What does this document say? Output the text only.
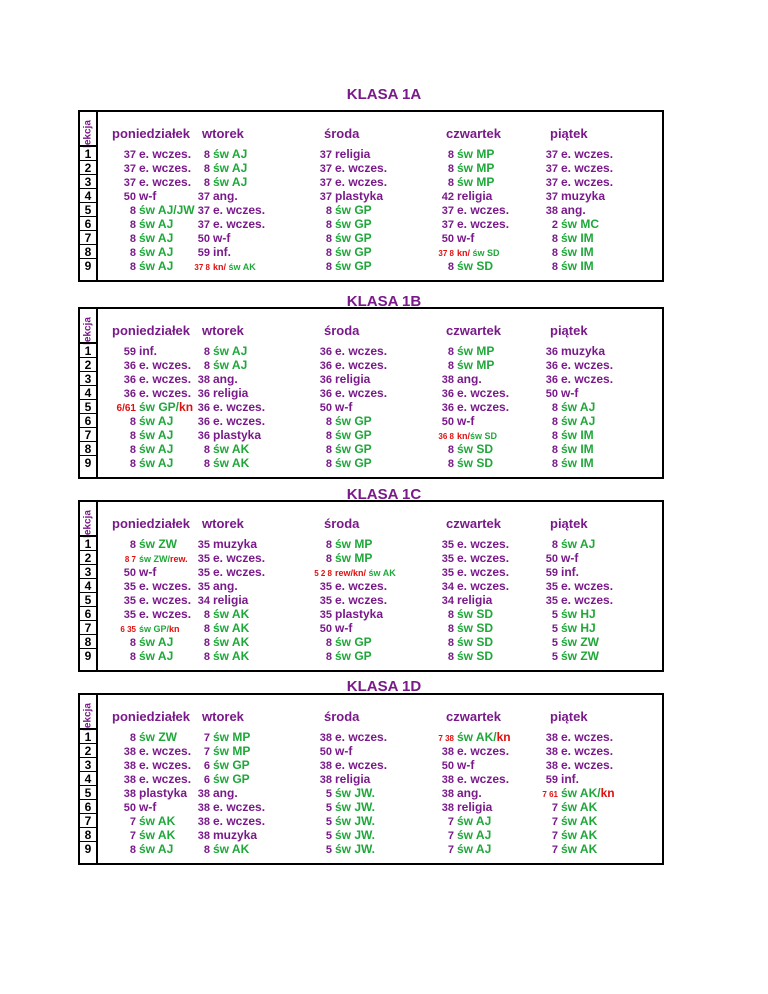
KLASA 1A
lekcja
1
2
3
4
5
6
7
8
9
poniedziałek
37 e. wczes.
37 e. wczes.
37 e. wczes.
50 w-f
8 św AJ/JW
8 św AJ
8 św AJ
8 św AJ
8 św AJ
wtorek
8 św AJ
8 św AJ
8 św AJ
37 ang.
37 e. wczes.
37 e. wczes.
50 w-f
59 inf.
37 8 kn/ św AK
środa
37 religia
37 e. wczes.
37 e. wczes.
37 plastyka
8 św GP
8 św GP
8 św GP
8 św GP
8 św GP
czwartek
8 św MP
8 św MP
8 św MP
42 religia
37 e. wczes.
37 e. wczes.
50 w-f
37 8 kn/ św SD
8 św SD
piątek
37 e. wczes.
37 e. wczes.
37 e. wczes.
37 muzyka
38 ang.
2 św MC
8 św IM
8 św IM
8 św IM
KLASA 1B
lekcja
1
2
3
4
5
6
7
8
9
poniedziałek
59 inf.
36 e. wczes.
36 e. wczes.
36 e. wczes.
6/61 św GP/kn
8 św AJ
8 św AJ
8 św AJ
8 św AJ
wtorek
8 św AJ
8 św AJ
38 ang.
36 religia
36 e. wczes.
36 e. wczes.
36 plastyka
8 św AK
8 św AK
środa
36 e. wczes.
36 e. wczes.
36 religia
36 e. wczes.
50 w-f
8 św GP
8 św GP
8 św GP
8 św GP
czwartek
8 św MP
8 św MP
38 ang.
36 e. wczes.
36 e. wczes.
50 w-f
36 8 kn/św SD
8 św SD
8 św SD
piątek
36 muzyka
36 e. wczes.
36 e. wczes.
50 w-f
8 św AJ
8 św AJ
8 św IM
8 św IM
8 św IM
KLASA 1C
lekcja
1
2
3
4
5
6
7
8
9
poniedziałek
8 św ZW
8 7 św ZW/rew.
50 w-f
35 e. wczes.
35 e. wczes.
35 e. wczes.
6 35 św GP/kn
8 św AJ
8 św AJ
wtorek
35 muzyka
35 e. wczes.
35 e. wczes.
35 ang.
34 religia
8 św AK
8 św AK
8 św AK
8 św AK
środa
8 św MP
8 św MP
5 2 8 rew/kn/ św AK
35 e. wczes.
35 e. wczes.
35 plastyka
50 w-f
8 św GP
8 św GP
czwartek
35 e. wczes.
35 e. wczes.
35 e. wczes.
34 e. wczes.
34 religia
8 św SD
8 św SD
8 św SD
8 św SD
piątek
8 św AJ
50 w-f
59 inf.
35 e. wczes.
35 e. wczes.
5 św HJ
5 św HJ
5 św ZW
5 św ZW
KLASA 1D
lekcja
1
2
3
4
5
6
7
8
9
poniedziałek
8 św ZW
38 e. wczes.
38 e. wczes.
38 e. wczes.
38 plastyka
50 w-f
7 św AK
7 św AK
8 św AJ
wtorek
7 św MP
7 św MP
6 św GP
6 św GP
38 ang.
38 e. wczes.
38 e. wczes.
38 muzyka
8 św AK
środa
38 e. wczes.
50 w-f
38 e. wczes.
38 religia
5 św JW.
5 św JW.
5 św JW.
5 św JW.
5 św JW.
czwartek
7 38 św AK/kn
38 e. wczes.
50 w-f
38 e. wczes.
38 ang.
38 religia
7 św AJ
7 św AJ
7 św AJ
piątek
38 e. wczes.
38 e. wczes.
38 e. wczes.
59 inf.
7 61 św AK/kn
7 św AK
7 św AK
7 św AK
7 św AK
